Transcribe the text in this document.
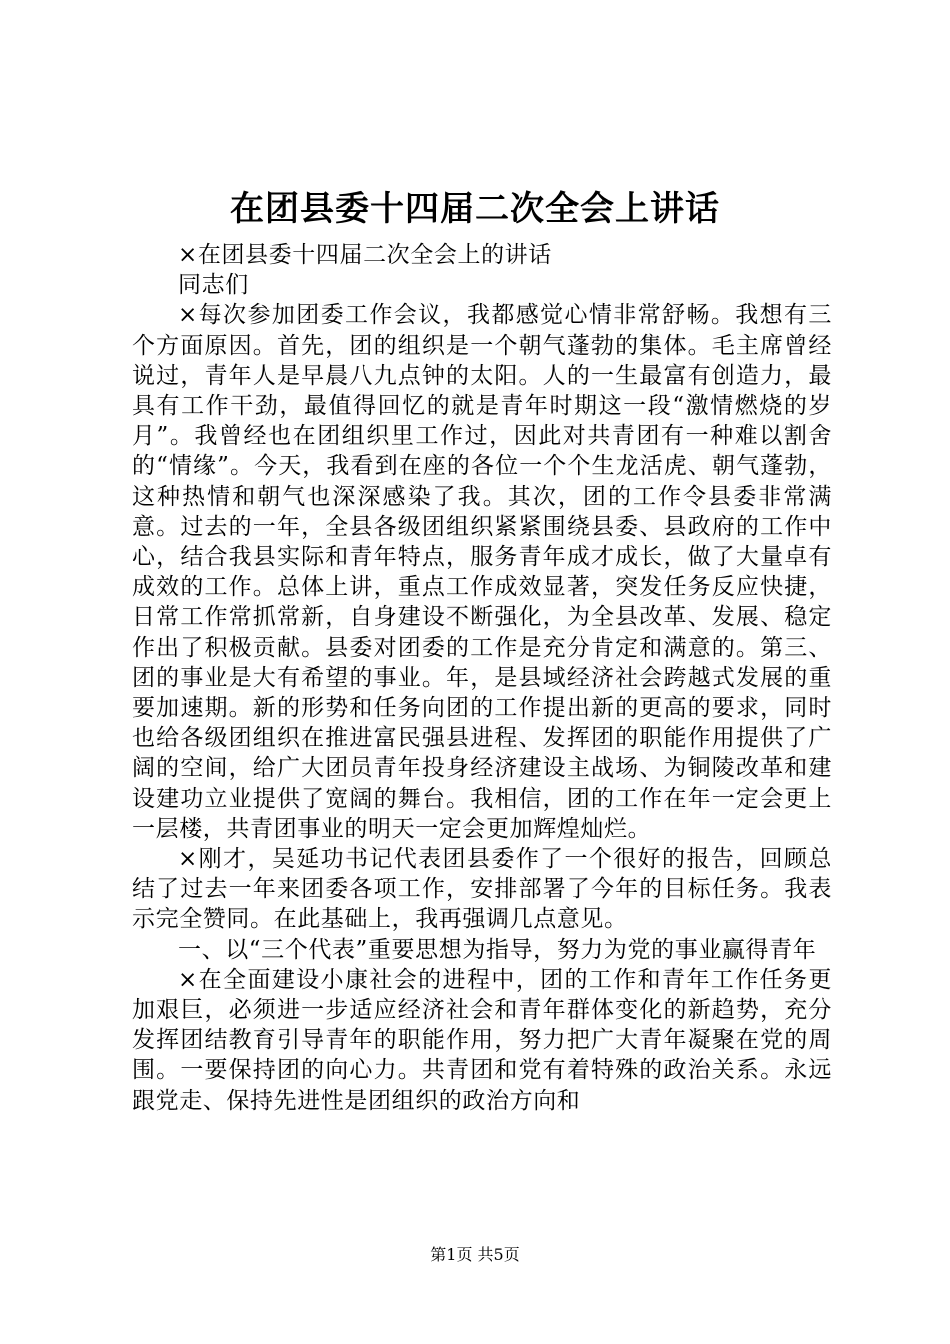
在团县委十四届二次全会上讲话

×在团县委十四届二次全会上的讲话

同志们

×每次参加团委工作会议，我都感觉心情非常舒畅。我想有三个方面原因。首先，团的组织是一个朝气蓬勃的集体。毛主席曾经说过，青年人是早晨八九点钟的太阳。人的一生最富有创造力，最具有工作干劲，最值得回忆的就是青年时期这一段“激情燃烧的岁月”。我曾经也在团组织里工作过，因此对共青团有一种难以割舍的“情缘”。今天，我看到在座的各位一个个生龙活虎、朝气蓬勃，这种热情和朝气也深深感染了我。其次，团的工作令县委非常满意。过去的一年，全县各级团组织紧紧围绕县委、县政府的工作中心，结合我县实际和青年特点，服务青年成才成长，做了大量卓有成效的工作。总体上讲，重点工作成效显著，突发任务反应快捷，日常工作常抓常新，自身建设不断强化，为全县改革、发展、稳定作出了积极贡献。县委对团委的工作是充分肯定和满意的。第三、团的事业是大有希望的事业。年，是县域经济社会跨越式发展的重要加速期。新的形势和任务向团的工作提出新的更高的要求，同时也给各级团组织在推进富民强县进程、发挥团的职能作用提供了广阔的空间，给广大团员青年投身经济建设主战场、为铜陵改革和建设建功立业提供了宽阔的舞台。我相信，团的工作在年一定会更上一层楼，共青团事业的明天一定会更加辉煌灿烂。

×刚才，吴延功书记代表团县委作了一个很好的报告，回顾总结了过去一年来团委各项工作，安排部署了今年的目标任务。我表示完全赞同。在此基础上，我再强调几点意见。

一、以“三个代表”重要思想为指导，努力为党的事业赢得青年

×在全面建设小康社会的进程中，团的工作和青年工作任务更加艰巨，必须进一步适应经济社会和青年群体变化的新趋势，充分发挥团结教育引导青年的职能作用，努力把广大青年凝聚在党的周围。一要保持团的向心力。共青团和党有着特殊的政治关系。永远跟党走、保持先进性是团组织的政治方向和

第1页 共5页
